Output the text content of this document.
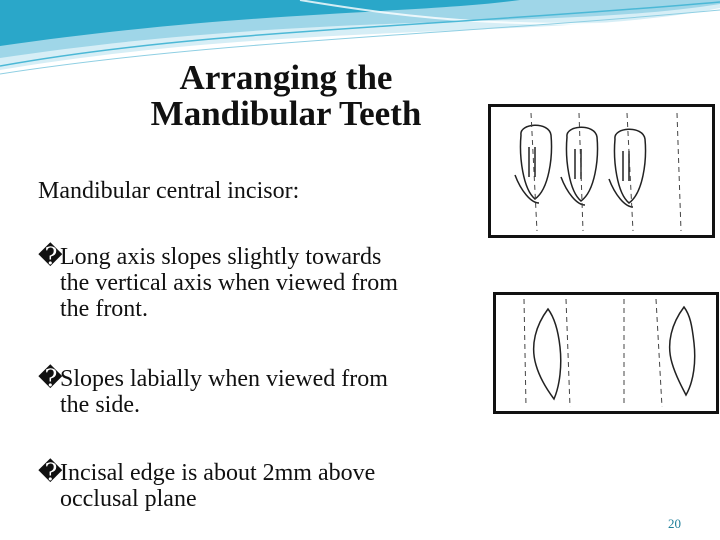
Arranging the
Mandibular Teeth
Mandibular central incisor:
�
Long axis slopes slightly towards
the vertical axis when viewed from
the front.
�
Slopes labially when viewed from
the side.
�
Incisal edge is about 2mm above
occlusal plane
20
